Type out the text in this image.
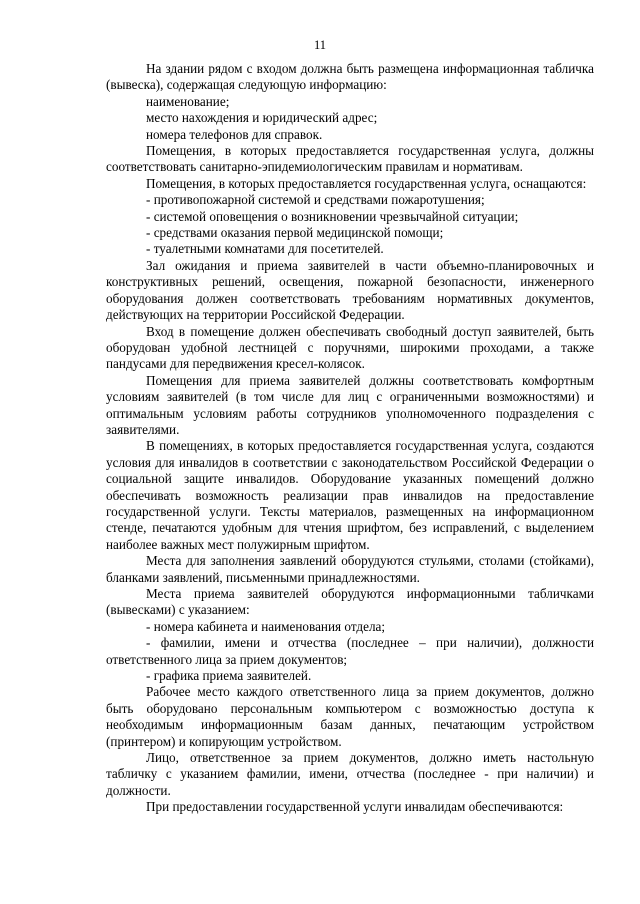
11

На здании рядом с входом должна быть размещена информационная табличка (вывеска), содержащая следующую информацию:

наименование;

место нахождения и юридический адрес;

номера телефонов для справок.

Помещения, в которых предоставляется государственная услуга, должны соответствовать санитарно-эпидемиологическим правилам и нормативам.

Помещения, в которых предоставляется государственная услуга, оснащаются:

- противопожарной системой и средствами пожаротушения;

- системой оповещения о возникновении чрезвычайной ситуации;

- средствами оказания первой медицинской помощи;

- туалетными комнатами для посетителей.

Зал ожидания и приема заявителей в части объемно-планировочных и конструктивных решений, освещения, пожарной безопасности, инженерного оборудования должен соответствовать требованиям нормативных документов, действующих на территории Российской Федерации.

Вход в помещение должен обеспечивать свободный доступ заявителей, быть оборудован удобной лестницей с поручнями, широкими проходами, а также пандусами для передвижения кресел-колясок.

Помещения для приема заявителей должны соответствовать комфортным условиям заявителей (в том числе для лиц с ограниченными возможностями) и оптимальным условиям работы сотрудников уполномоченного подразделения с заявителями.

В помещениях, в которых предоставляется государственная услуга, создаются условия для инвалидов в соответствии с законодательством Российской Федерации о социальной защите инвалидов. Оборудование указанных помещений должно обеспечивать возможность реализации прав инвалидов на предоставление государственной услуги. Тексты материалов, размещенных на информационном стенде, печатаются удобным для чтения шрифтом, без исправлений, с выделением наиболее важных мест полужирным шрифтом.

Места для заполнения заявлений оборудуются стульями, столами (стойками), бланками заявлений, письменными принадлежностями.

Места приема заявителей оборудуются информационными табличками (вывесками) с указанием:

- номера кабинета и наименования отдела;

- фамилии, имени и отчества (последнее – при наличии), должности ответственного лица за прием документов;

- графика приема заявителей.

Рабочее место каждого ответственного лица за прием документов, должно быть оборудовано персональным компьютером с возможностью доступа к необходимым информационным базам данных, печатающим устройством (принтером) и копирующим устройством.

Лицо, ответственное за прием документов, должно иметь настольную табличку с указанием фамилии, имени, отчества (последнее - при наличии) и должности.

При предоставлении государственной услуги инвалидам обеспечиваются:
